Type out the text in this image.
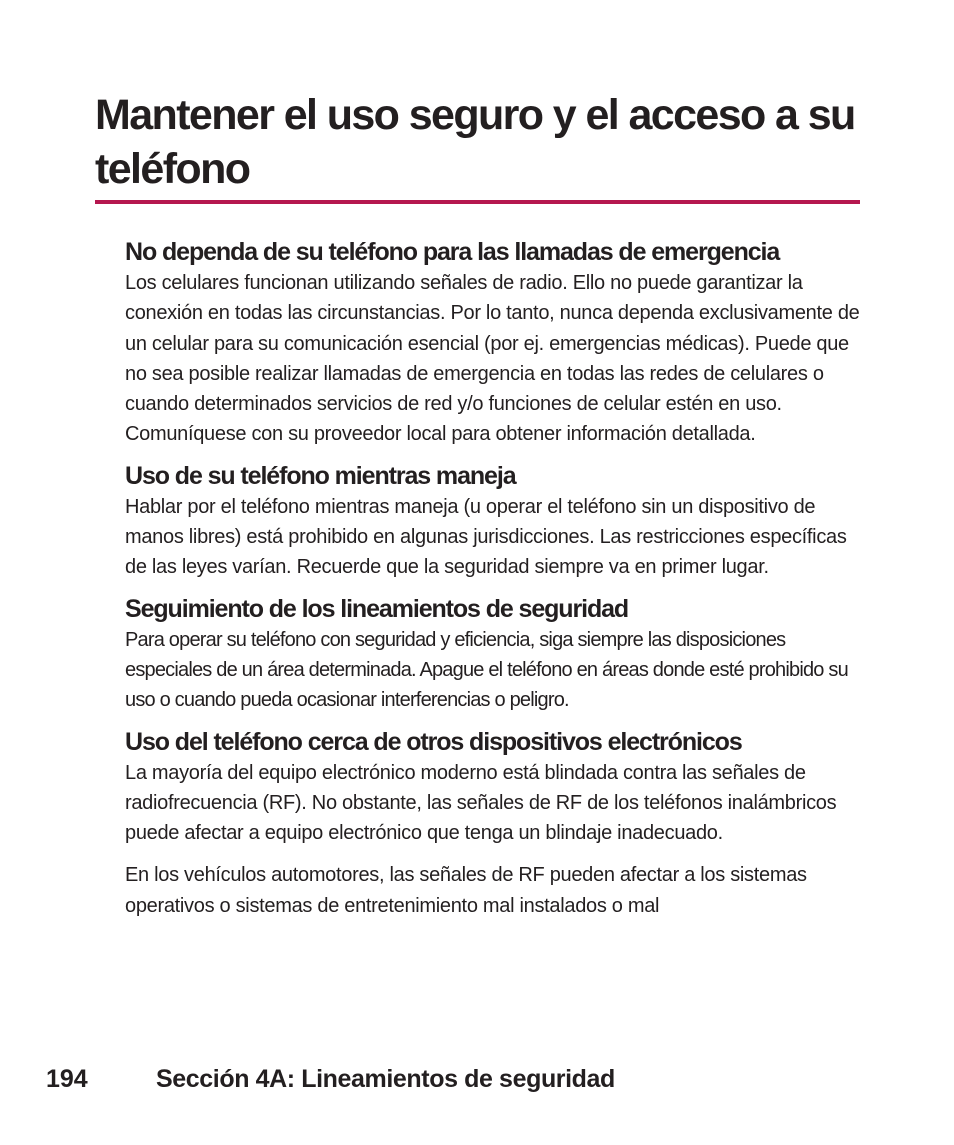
Mantener el uso seguro y el acceso a su teléfono
No dependa de su teléfono para las llamadas de emergencia

Los celulares funcionan utilizando señales de radio. Ello no puede garantizar la conexión en todas las circunstancias. Por lo tanto, nunca dependa exclusivamente de un celular para su comunicación esencial (por ej. emergencias médicas). Puede que no sea posible realizar llamadas de emergencia en todas las redes de celulares o cuando determinados servicios de red y/o funciones de celular estén en uso. Comuníquese con su proveedor local para obtener información detallada.

Uso de su teléfono mientras maneja

Hablar por el teléfono mientras maneja (u operar el teléfono sin un dispositivo de manos libres) está prohibido en algunas jurisdicciones. Las restricciones específicas de las leyes varían. Recuerde que la seguridad siempre va en primer lugar.

Seguimiento de los lineamientos de seguridad

Para operar su teléfono con seguridad y eficiencia, siga siempre las disposiciones especiales de un área determinada. Apague el teléfono en áreas donde esté prohibido su uso o cuando pueda ocasionar interferencias o peligro.

Uso del teléfono cerca de otros dispositivos electrónicos

La mayoría del equipo electrónico moderno está blindada contra las señales de radiofrecuencia (RF). No obstante, las señales de RF de los teléfonos inalámbricos puede afectar a equipo electrónico que tenga un blindaje inadecuado.

En los vehículos automotores, las señales de RF pueden afectar a los sistemas operativos o sistemas de entretenimiento mal instalados o mal

194	Sección 4A: Lineamientos de seguridad
